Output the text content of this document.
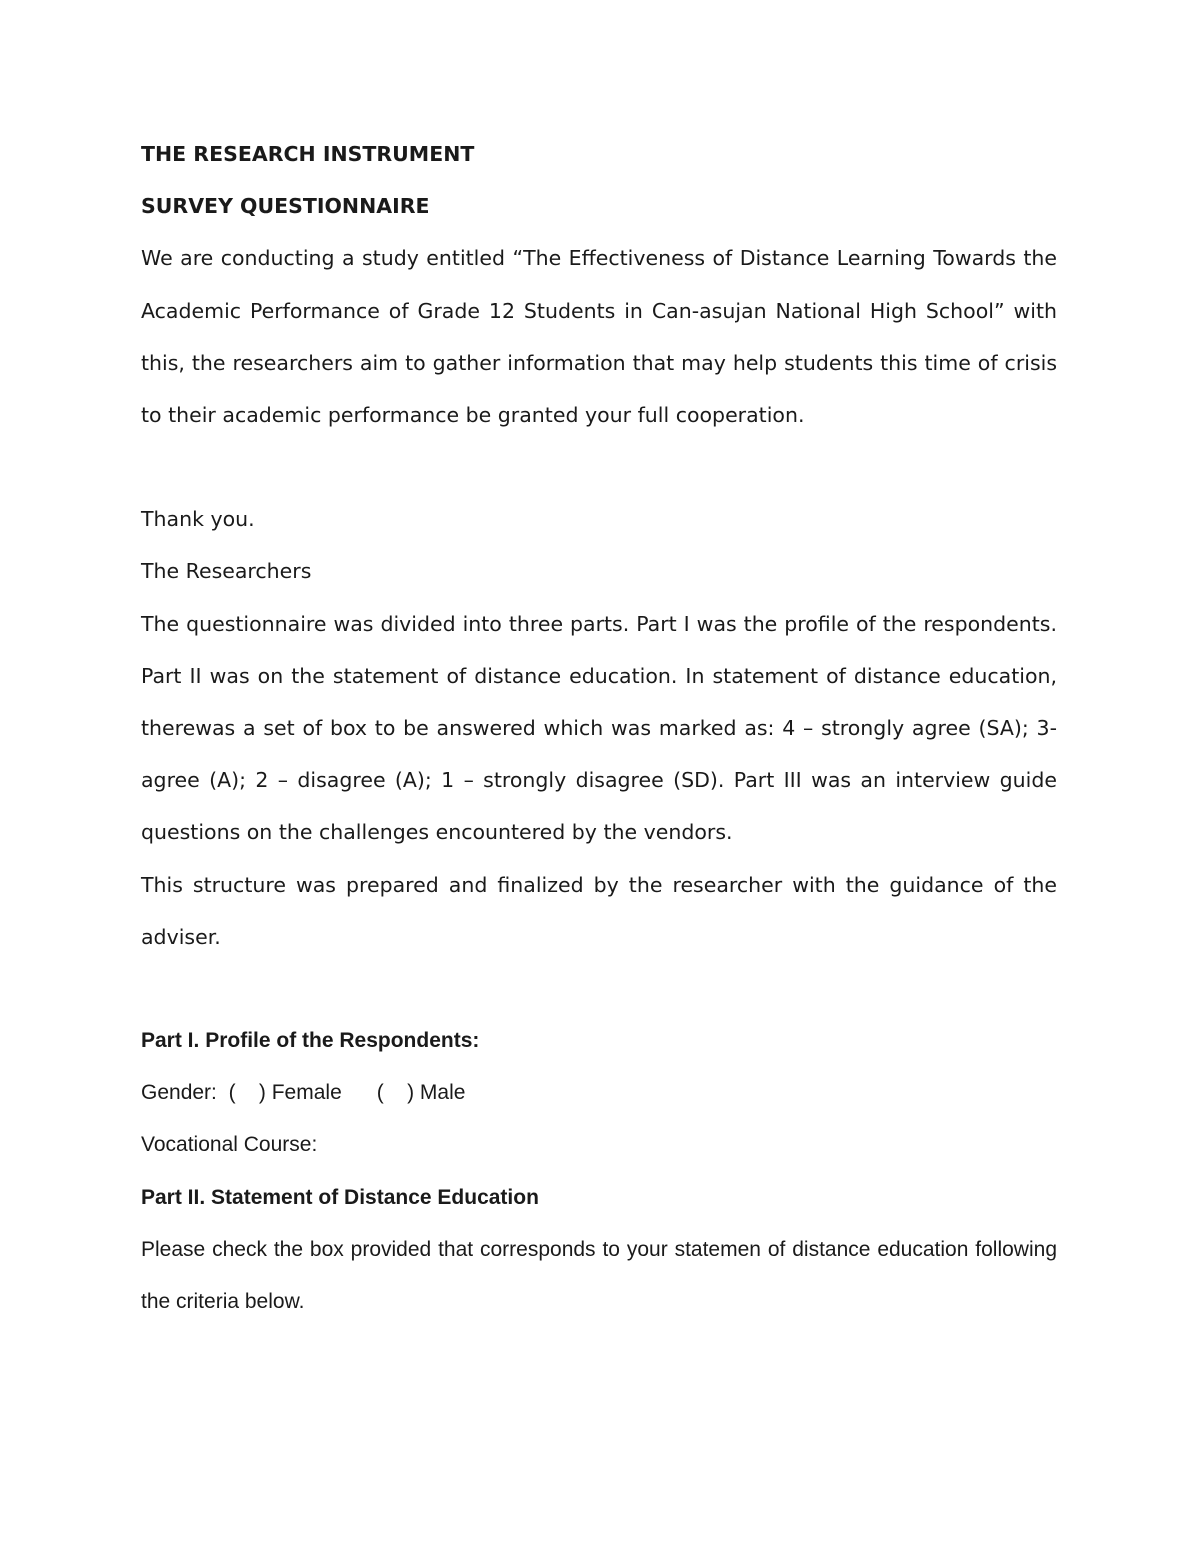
THE RESEARCH INSTRUMENT

SURVEY QUESTIONNAIRE

We are conducting a study entitled “The Effectiveness of Distance Learning Towards the Academic Performance of Grade 12 Students in Can-asujan National High School” with this, the researchers aim to gather information that may help students this time of crisis to their academic performance be granted your full cooperation.

Thank you.

The Researchers

The questionnaire was divided into three parts. Part I was the profile of the respondents. Part II was on the statement of distance education. In statement of distance education, therewas a set of box to be answered which was marked as: 4 – strongly agree (SA); 3- agree (A); 2 – disagree (A); 1 – strongly disagree (SD). Part III was an interview guide questions on the challenges encountered by the vendors.

This structure was prepared and finalized by the researcher with the guidance of the adviser.

Part I. Profile of the Respondents:

Gender: (    ) Female (    ) Male

Vocational Course:

Part II. Statement of Distance Education

Please check the box provided that corresponds to your statemen of distance education following the criteria below.
